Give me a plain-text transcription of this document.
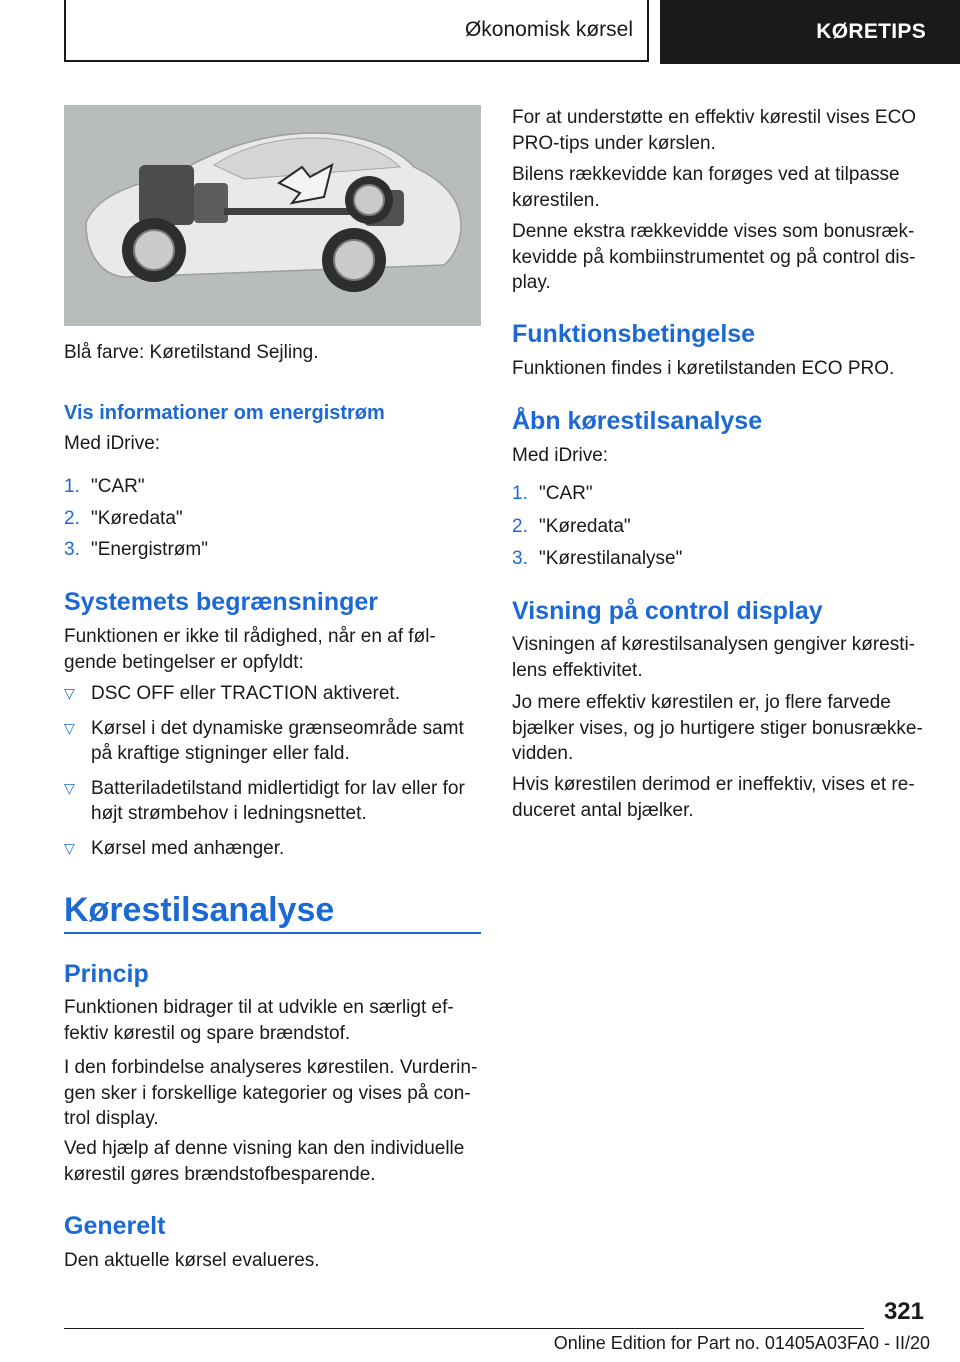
Økonomisk kørsel	KØRETIPS

Blå farve: Køretilstand Sejling.

Vis informationer om energistrøm

Med iDrive:

1. "CAR"
2. "Køredata"
3. "Energistrøm"
Systemets begrænsninger

Funktionen er ikke til rådighed, når en af føl-gende betingelser er opfyldt:

▽ DSC OFF eller TRACTION aktiveret.
▽ Kørsel i det dynamiske grænseområde samt på kraftige stigninger eller fald.
▽ Batteriladetilstand midlertidigt for lav eller for højt strømbehov i ledningsnettet.
▽ Kørsel med anhænger.
Kørestilsanalyse
Princip

Funktionen bidrager til at udvikle en særligt ef-fektiv kørestil og spare brændstof.

I den forbindelse analyseres kørestilen. Vurderin-gen sker i forskellige kategorier og vises på con-trol display.

Ved hjælp af denne visning kan den individuelle kørestil gøres brændstofbesparende.

Generelt

Den aktuelle kørsel evalueres.

For at understøtte en effektiv kørestil vises ECO PRO-tips under kørslen.

Bilens rækkevidde kan forøges ved at tilpasse kørestilen.

Denne ekstra rækkevidde vises som bonusræk-kevidde på kombiinstrumentet og på control dis-play.

Funktionsbetingelse

Funktionen findes i køretilstanden ECO PRO.

Åbn kørestilsanalyse

Med iDrive:

1. "CAR"
2. "Køredata"
3. "Kørestilanalyse"
Visning på control display

Visningen af kørestilsanalysen gengiver køresti-lens effektivitet.

Jo mere effektiv kørestilen er, jo flere farvede bjælker vises, og jo hurtigere stiger bonusrække-vidden.

Hvis kørestilen derimod er ineffektiv, vises et re-duceret antal bjælker.

321
Online Edition for Part no. 01405A03FA0 - II/20
